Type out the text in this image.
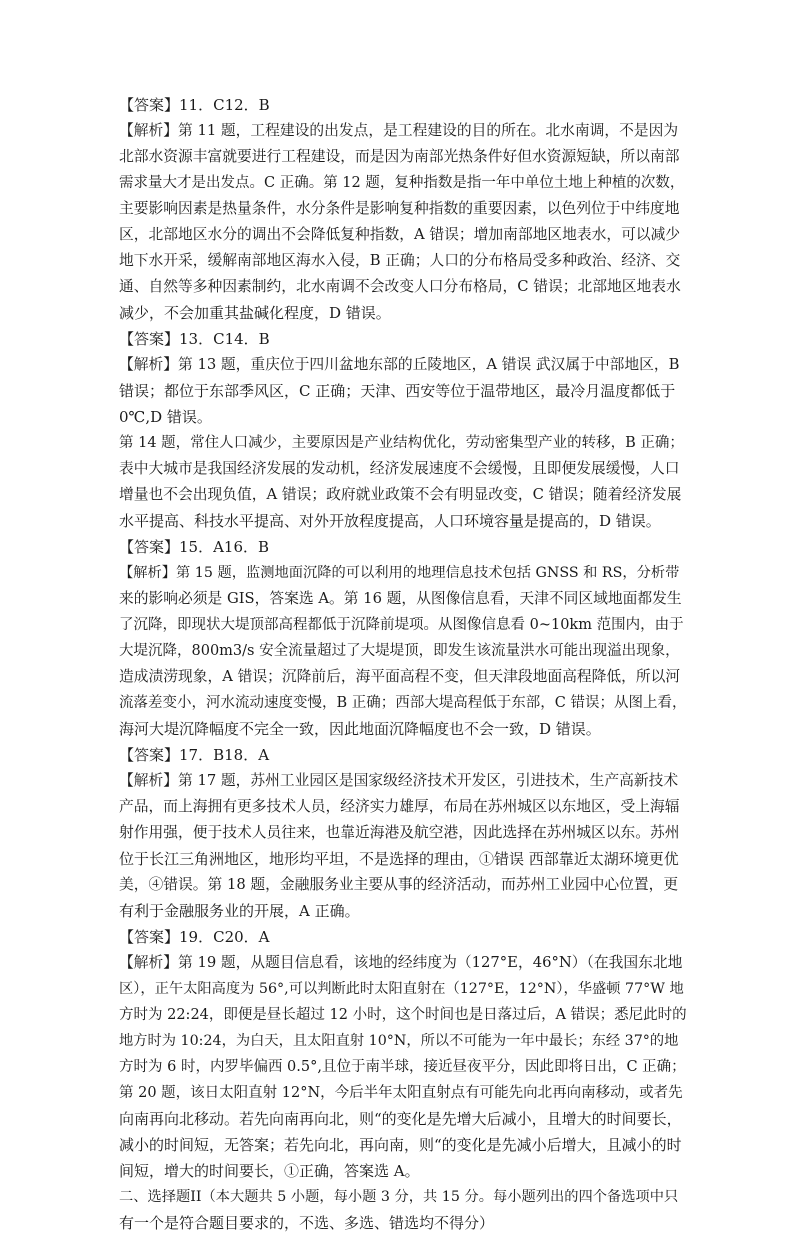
【答案】11．C12．B
【解析】第 11 题，工程建设的出发点，是工程建设的目的所在。北水南调，不是因为
北部水资源丰富就要进行工程建设，而是因为南部光热条件好但水资源短缺，所以南部
需求量大才是出发点。C 正确。第 12 题，复种指数是指一年中单位土地上种植的次数，
主要影响因素是热量条件，水分条件是影响复种指数的重要因素，以色列位于中纬度地
区，北部地区水分的调出不会降低复种指数，A 错误；增加南部地区地表水，可以减少
地下水开采，缓解南部地区海水入侵，B 正确；人口的分布格局受多种政治、经济、交
通、自然等多种因素制约，北水南调不会改变人口分布格局，C 错误；北部地区地表水
减少，不会加重其盐碱化程度，D 错误。
【答案】13．C14．B
【解析】第 13 题，重庆位于四川盆地东部的丘陵地区，A 错误 武汉属于中部地区，B
错误；都位于东部季风区，C 正确；天津、西安等位于温带地区，最冷月温度都低于
0℃,D 错误。
第 14 题，常住人口减少，主要原因是产业结构优化，劳动密集型产业的转移，B 正确；
表中大城市是我国经济发展的发动机，经济发展速度不会缓慢，且即便发展缓慢，人口
增量也不会出现负值，A 错误；政府就业政策不会有明显改变，C 错误；随着经济发展
水平提高、科技水平提高、对外开放程度提高，人口环境容量是提高的，D 错误。
【答案】15．A16．B
【解析】第 15 题，监测地面沉降的可以利用的地理信息技术包括 GNSS 和 RS，分析带
来的影响必须是 GIS，答案选 A。第 16 题，从图像信息看，天津不同区域地面都发生
了沉降，即现状大堤顶部高程都低于沉降前堤项。从图像信息看 0~10km 范围内，由于
大堤沉降，800m3/s 安全流量超过了大堤堤顶，即发生该流量洪水可能出现溢出现象，
造成渍涝现象，A 错误；沉降前后，海平面高程不变，但天津段地面高程降低，所以河
流落差变小，河水流动速度变慢，B 正确；西部大堤高程低于东部，C 错误；从图上看，
海河大堤沉降幅度不完全一致，因此地面沉降幅度也不会一致，D 错误。
【答案】17．B18．A
【解析】第 17 题，苏州工业园区是国家级经济技术开发区，引进技术，生产高新技术
产品，而上海拥有更多技术人员，经济实力雄厚，布局在苏州城区以东地区，受上海辐
射作用强，便于技术人员往来，也靠近海港及航空港，因此选择在苏州城区以东。苏州
位于长江三角洲地区，地形均平坦，不是选择的理由，①错误 西部靠近太湖环境更优
美，④错误。第 18 题，金融服务业主要从事的经济活动，而苏州工业园中心位置，更
有利于金融服务业的开展，A 正确。
【答案】19．C20．A
【解析】第 19 题，从题目信息看，该地的经纬度为（127°E，46°N）（在我国东北地
区），正午太阳高度为 56°,可以判断此时太阳直射在（127°E，12°N），华盛顿 77°W 地
方时为 22:24，即便是昼长超过 12 小时，这个时间也是日落过后，A 错误；悉尼此时的
地方时为 10:24，为白天，且太阳直射 10°N，所以不可能为一年中最长；东经 37°的地
方时为 6 时，内罗毕偏西 0.5°,且位于南半球，接近昼夜平分，因此即将日出，C 正确；
第 20 题，该日太阳直射 12°N，今后半年太阳直射点有可能先向北再向南移动，或者先
向南再向北移动。若先向南再向北，则“的变化是先增大后减小，且增大的时间要长，
减小的时间短，无答案；若先向北，再向南，则“的变化是先减小后增大，且减小的时
间短，增大的时间要长，①正确，答案选 A。
二、选择题II（本大题共 5 小题，每小题 3 分，共 15 分。每小题列出的四个备选项中只
有一个是符合题目要求的，不选、多选、错选均不得分）
